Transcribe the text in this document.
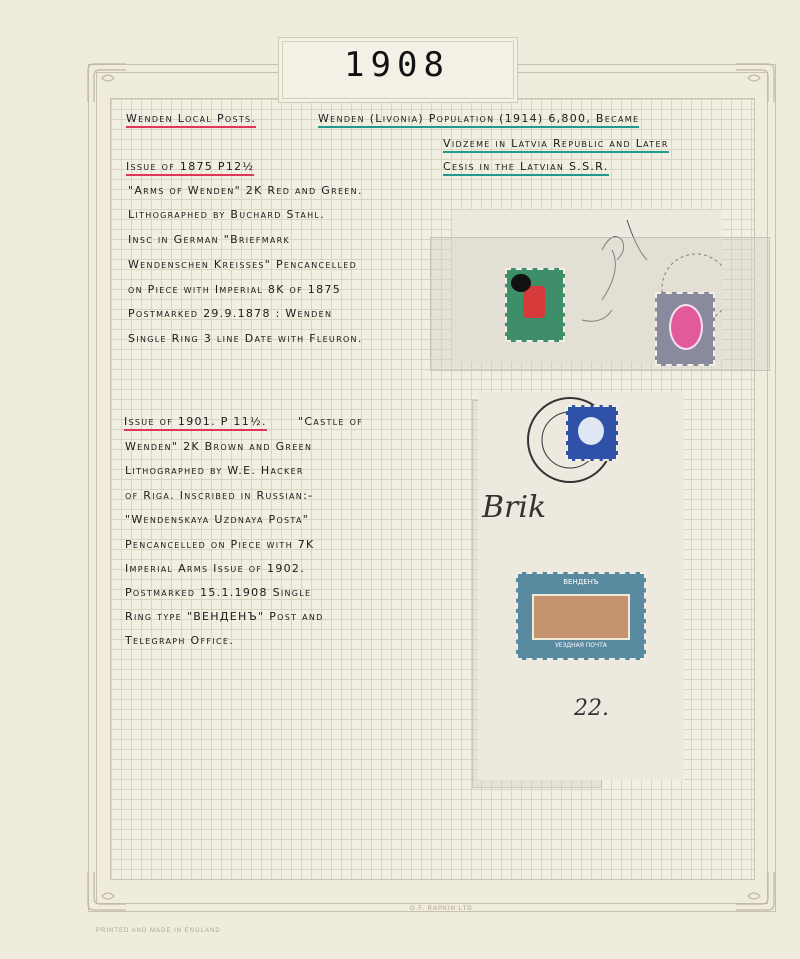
1908
Wenden Local Posts.	Wenden (Livonia) Population (1914) 6,800, Became
Vidzeme in Latvia Republic and Later
Cesis in the Latvian S.S.R.
Issue of 1875 P12½
"Arms of Wenden" 2K Red and Green.
Lithographed by Buchard Stahl.
Insc in German "Briefmark
Wendenschen Kreisses" Pencancelled
on Piece with Imperial 8K of 1875
Postmarked 29.9.1878 : Wenden
Single Ring 3 line Date with Fleuron.
Issue of 1901. P 11½.	"Castle of
Wenden" 2K Brown and Green
Lithographed by W.E. Hacker
of Riga. Inscribed in Russian:-
"Wendenskaya Uzdnaya Posta"
Pencancelled on Piece with 7K
Imperial Arms Issue of 1902.
Postmarked 15.1.1908 Single
Ring type "ВЕНДЕНЪ" Post and
Telegraph Office.
Brik
22.
ВЕНДЕНЪ
УЕЗДНАЯ ПОЧТА
G.F. RAPKIN LTD
PRINTED AND MADE IN ENGLAND
